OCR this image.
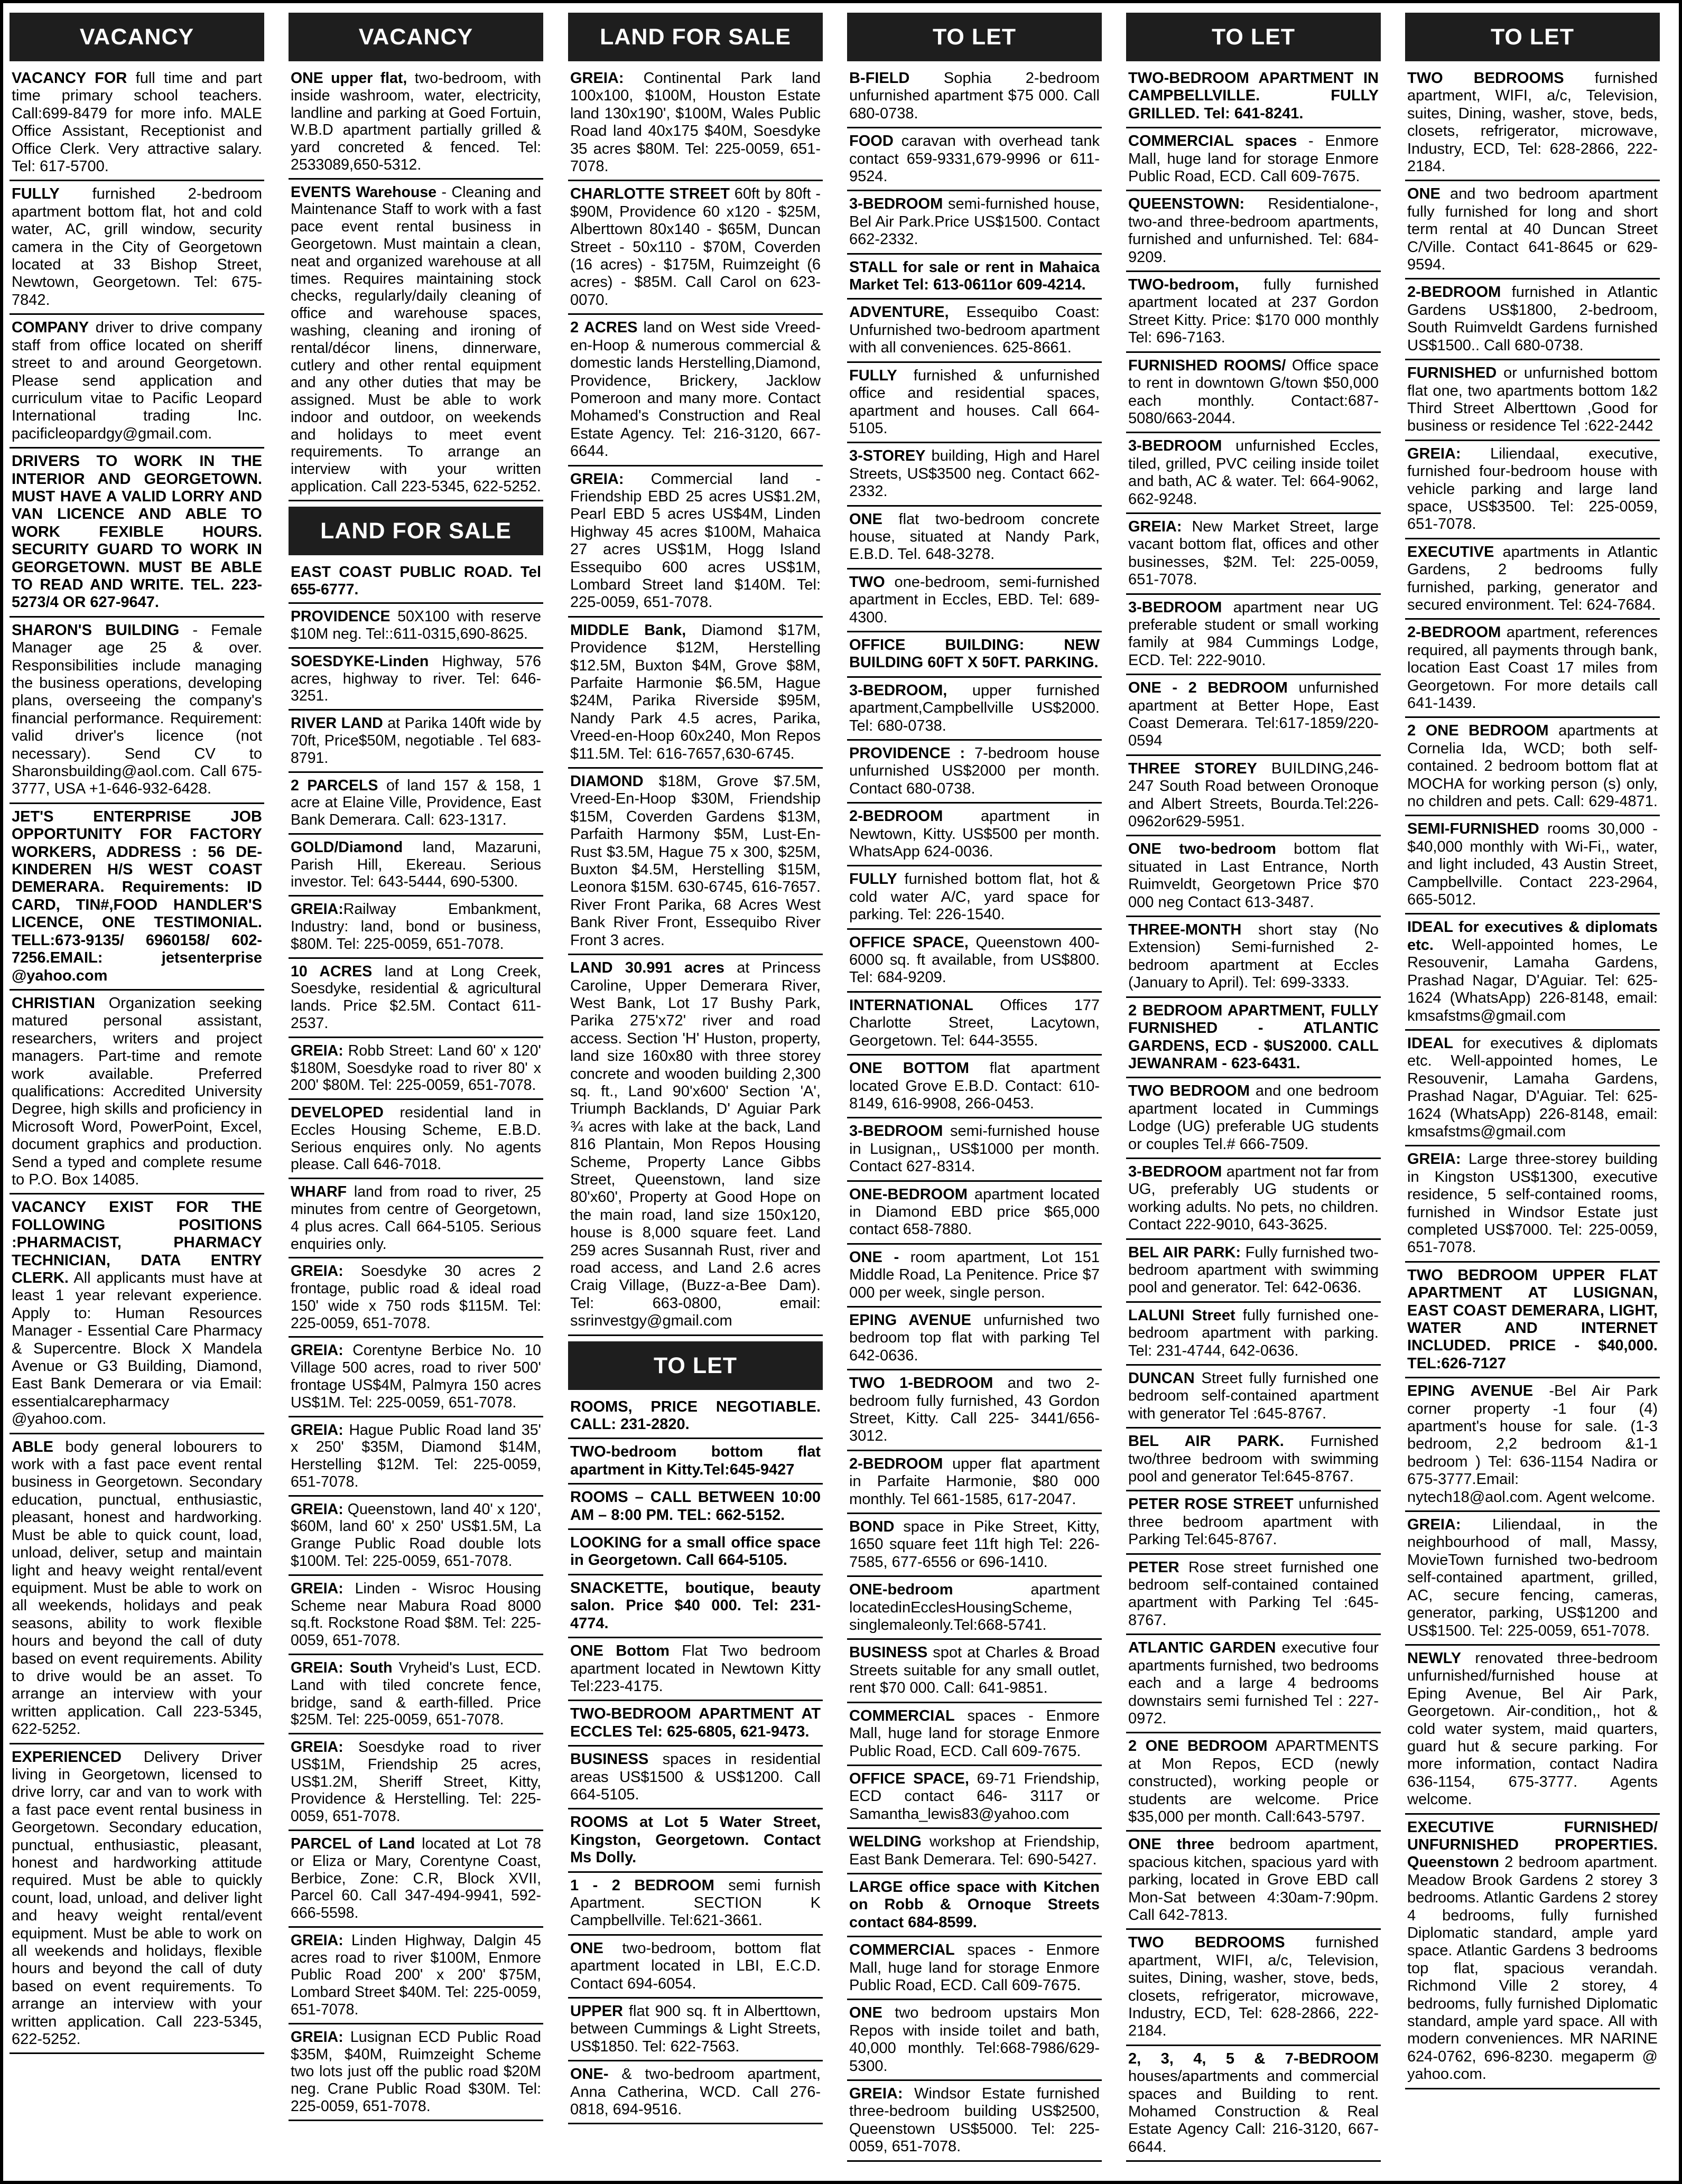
VACANCY
VACANCY FOR full time and part time primary school teachers. Call:699-8479 for more info. MALE Office Assistant, Receptionist and Office Clerk. Very attractive salary. Tel: 617-5700.
FULLY furnished 2-bedroom apartment bottom flat, hot and cold water, AC, grill window, security camera in the City of Georgetown located at 33 Bishop Street, Newtown, Georgetown. Tel: 675-7842.
COMPANY driver to drive company staff from office located on sheriff street to and around Georgetown. Please send application and curriculum vitae to Pacific Leopard International trading Inc. pacificleopardgy@gmail.com.
DRIVERS TO WORK IN THE INTERIOR AND GEORGETOWN. MUST HAVE A VALID LORRY AND VAN LICENCE AND ABLE TO WORK FEXIBLE HOURS. SECURITY GUARD TO WORK IN GEORGETOWN. MUST BE ABLE TO READ AND WRITE. TEL. 223-5273/4 OR 627-9647.
SHARON'S BUILDING - Female Manager age 25 & over. Responsibilities include managing the business operations, developing plans, overseeing the company's financial performance. Requirement: valid driver's licence (not necessary). Send CV to Sharonsbuilding@aol.com. Call 675-3777, USA +1-646-932-6428.
JET'S ENTERPRISE JOB OPPORTUNITY FOR FACTORY WORKERS, ADDRESS : 56 DE-KINDEREN H/S WEST COAST DEMERARA. Requirements: ID CARD, TIN#,FOOD HANDLER'S LICENCE, ONE TESTIMONIAL. TELL:673-9135/ 6960158/ 602-7256.EMAIL: jetsenterprise @yahoo.com
CHRISTIAN Organization seeking matured personal assistant, researchers, writers and project managers. Part-time and remote work available. Preferred qualifications: Accredited University Degree, high skills and proficiency in Microsoft Word, PowerPoint, Excel, document graphics and production. Send a typed and complete resume to P.O. Box 14085.
VACANCY EXIST FOR THE FOLLOWING POSITIONS :PHARMACIST, PHARMACY TECHNICIAN, DATA ENTRY CLERK. All applicants must have at least 1 year relevant experience. Apply to: Human Resources Manager - Essential Care Pharmacy & Supercentre. Block X Mandela Avenue or G3 Building, Diamond, East Bank Demerara or via Email: essentialcarepharmacy @yahoo.com.
ABLE body general lobourers to work with a fast pace event rental business in Georgetown. Secondary education, punctual, enthusiastic, pleasant, honest and hardworking. Must be able to quick count, load, unload, deliver, setup and maintain light and heavy weight rental/event equipment. Must be able to work on all weekends, holidays and peak seasons, ability to work flexible hours and beyond the call of duty based on event requirements. Ability to drive would be an asset. To arrange an interview with your written application. Call 223-5345, 622-5252.
EXPERIENCED Delivery Driver living in Georgetown, licensed to drive lorry, car and van to work with a fast pace event rental business in Georgetown. Secondary education, punctual, enthusiastic, pleasant, honest and hardworking attitude required. Must be able to quickly count, load, unload, and deliver light and heavy weight rental/event equipment. Must be able to work on all weekends and holidays, flexible hours and beyond the call of duty based on event requirements. To arrange an interview with your written application. Call 223-5345, 622-5252.
VACANCY
ONE upper flat, two-bedroom, with inside washroom, water, electricity, landline and parking at Goed Fortuin, W.B.D apartment partially grilled & yard concreted & fenced. Tel: 2533089,650-5312.
EVENTS Warehouse - Cleaning and Maintenance Staff to work with a fast pace event rental business in Georgetown. Must maintain a clean, neat and organized warehouse at all times. Requires maintaining stock checks, regularly/daily cleaning of office and warehouse spaces, washing, cleaning and ironing of rental/décor linens, dinnerware, cutlery and other rental equipment and any other duties that may be assigned. Must be able to work indoor and outdoor, on weekends and holidays to meet event requirements. To arrange an interview with your written application. Call 223-5345, 622-5252.
LAND FOR SALE
EAST COAST PUBLIC ROAD. Tel 655-6777.
PROVIDENCE 50X100 with reserve $10M neg. Tel::611-0315,690-8625.
SOESDYKE-Linden Highway, 576 acres, highway to river. Tel: 646-3251.
RIVER LAND at Parika 140ft wide by 70ft, Price$50M, negotiable . Tel 683-8791.
2 PARCELS of land 157 & 158, 1 acre at Elaine Ville, Providence, East Bank Demerara. Call: 623-1317.
GOLD/Diamond land, Mazaruni, Parish Hill, Ekereau. Serious investor. Tel: 643-5444, 690-5300.
GREIA:Railway Embankment, Industry: land, bond or business, $80M. Tel: 225-0059, 651-7078.
10 ACRES land at Long Creek, Soesdyke, residential & agricultural lands. Price $2.5M. Contact 611-2537.
GREIA: Robb Street: Land 60' x 120' $180M, Soesdyke road to river 80' x 200' $80M. Tel: 225-0059, 651-7078.
DEVELOPED residential land in Eccles Housing Scheme, E.B.D. Serious enquires only. No agents please. Call 646-7018.
WHARF land from road to river, 25 minutes from centre of Georgetown, 4 plus acres. Call 664-5105. Serious enquiries only.
GREIA: Soesdyke 30 acres 2 frontage, public road & ideal road 150' wide x 750 rods $115M. Tel: 225-0059, 651-7078.
GREIA: Corentyne Berbice No. 10 Village 500 acres, road to river 500' frontage US$4M, Palmyra 150 acres US$1M. Tel: 225-0059, 651-7078.
GREIA: Hague Public Road land 35' x 250' $35M, Diamond $14M, Herstelling $12M. Tel: 225-0059, 651-7078.
GREIA: Queenstown, land 40' x 120', $60M, land 60' x 250' US$1.5M, La Grange Public Road double lots $100M. Tel: 225-0059, 651-7078.
GREIA: Linden - Wisroc Housing Scheme near Mabura Road 8000 sq.ft. Rockstone Road $8M. Tel: 225-0059, 651-7078.
GREIA: South Vryheid's Lust, ECD. Land with tiled concrete fence, bridge, sand & earth-filled. Price $25M. Tel: 225-0059, 651-7078.
GREIA: Soesdyke road to river US$1M, Friendship 25 acres, US$1.2M, Sheriff Street, Kitty, Providence & Herstelling. Tel: 225-0059, 651-7078.
PARCEL of Land located at Lot 78 or Eliza or Mary, Corentyne Coast, Berbice, Zone: C.R, Block XVII, Parcel 60. Call 347-494-9941, 592-666-5598.
GREIA: Linden Highway, Dalgin 45 acres road to river $100M, Enmore Public Road 200' x 200' $75M, Lombard Street $40M. Tel: 225-0059, 651-7078.
GREIA: Lusignan ECD Public Road $35M, $40M, Ruimzeight Scheme two lots just off the public road $20M neg. Crane Public Road $30M. Tel: 225-0059, 651-7078.
LAND FOR SALE
GREIA: Continental Park land 100x100, $100M, Houston Estate land 130x190', $100M, Wales Public Road land 40x175 $40M, Soesdyke 35 acres $80M. Tel: 225-0059, 651-7078.
CHARLOTTE STREET 60ft by 80ft - $90M, Providence 60 x120 - $25M, Alberttown 80x140 - $65M, Duncan Street - 50x110 - $70M, Coverden (16 acres) - $175M, Ruimzeight (6 acres) - $85M. Call Carol on 623-0070.
2 ACRES land on West side Vreed-en-Hoop & numerous commercial & domestic lands Herstelling,Diamond, Providence, Brickery, Jacklow Pomeroon and many more. Contact Mohamed's Construction and Real Estate Agency. Tel: 216-3120, 667-6644.
GREIA: Commercial land - Friendship EBD 25 acres US$1.2M, Pearl EBD 5 acres US$4M, Linden Highway 45 acres $100M, Mahaica 27 acres US$1M, Hogg Island Essequibo 600 acres US$1M, Lombard Street land $140M. Tel: 225-0059, 651-7078.
MIDDLE Bank, Diamond $17M, Providence $12M, Herstelling $12.5M, Buxton $4M, Grove $8M, Parfaite Harmonie $6.5M, Hague $24M, Parika Riverside $95M, Nandy Park 4.5 acres, Parika, Vreed-en-Hoop 60x240, Mon Repos $11.5M. Tel: 616-7657,630-6745.
DIAMOND $18M, Grove $7.5M, Vreed-En-Hoop $30M, Friendship $15M, Coverden Gardens $13M, Parfaith Harmony $5M, Lust-En-Rust $3.5M, Hague 75 x 300, $25M, Buxton $4.5M, Herstelling $15M, Leonora $15M. 630-6745, 616-7657. River Front Parika, 68 Acres West Bank River Front, Essequibo River Front 3 acres.
LAND 30.991 acres at Princess Caroline, Upper Demerara River, West Bank, Lot 17 Bushy Park, Parika 275'x72' river and road access. Section 'H' Huston, property, land size 160x80 with three storey concrete and wooden building 2,300 sq. ft., Land 90'x600' Section 'A', Triumph Backlands, D' Aguiar Park ¾ acres with lake at the back, Land 816 Plantain, Mon Repos Housing Scheme, Property Lance Gibbs Street, Queenstown, land size 80'x60', Property at Good Hope on the main road, land size 150x120, house is 8,000 square feet. Land 259 acres Susannah Rust, river and road access, and Land 2.6 acres Craig Village, (Buzz-a-Bee Dam). Tel: 663-0800, email: ssrinvestgy@gmail.com
TO LET
ROOMS, PRICE NEGOTIABLE. CALL: 231-2820.
TWO-bedroom bottom flat apartment in Kitty.Tel:645-9427
ROOMS – CALL BETWEEN 10:00 AM – 8:00 PM. TEL: 662-5152.
LOOKING for a small office space in Georgetown. Call 664-5105.
SNACKETTE, boutique, beauty salon. Price $40 000. Tel: 231-4774.
ONE Bottom Flat Two bedroom apartment located in Newtown Kitty Tel:223-4175.
TWO-BEDROOM APARTMENT AT ECCLES Tel: 625-6805, 621-9473.
BUSINESS spaces in residential areas US$1500 & US$1200. Call 664-5105.
ROOMS at Lot 5 Water Street, Kingston, Georgetown. Contact Ms Dolly.
1 - 2 BEDROOM semi furnish Apartment. SECTION K Campbellville. Tel:621-3661.
ONE two-bedroom, bottom flat apartment located in LBI, E.C.D. Contact 694-6054.
UPPER flat 900 sq. ft in Alberttown, between Cummings & Light Streets, US$1850. Tel: 622-7563.
ONE- & two-bedroom apartment, Anna Catherina, WCD. Call 276-0818, 694-9516.
TO LET
B-FIELD Sophia 2-bedroom unfurnished apartment $75 000. Call 680-0738.
FOOD caravan with overhead tank contact 659-9331,679-9996 or 611-9524.
3-BEDROOM semi-furnished house, Bel Air Park.Price US$1500. Contact 662-2332.
STALL for sale or rent in Mahaica Market Tel: 613-0611or 609-4214.
ADVENTURE, Essequibo Coast: Unfurnished two-bedroom apartment with all conveniences. 625-8661.
FULLY furnished & unfurnished office and residential spaces, apartment and houses. Call 664-5105.
3-STOREY building, High and Harel Streets, US$3500 neg. Contact 662-2332.
ONE flat two-bedroom concrete house, situated at Nandy Park, E.B.D. Tel. 648-3278.
TWO one-bedroom, semi-furnished apartment in Eccles, EBD. Tel: 689-4300.
OFFICE BUILDING: NEW BUILDING 60FT X 50FT. PARKING.
3-BEDROOM, upper furnished apartment,Campbellville US$2000. Tel: 680-0738.
PROVIDENCE : 7-bedroom house unfurnished US$2000 per month. Contact 680-0738.
2-BEDROOM apartment in Newtown, Kitty. US$500 per month. WhatsApp 624-0036.
FULLY furnished bottom flat, hot & cold water A/C, yard space for parking. Tel: 226-1540.
OFFICE SPACE, Queenstown 400-6000 sq. ft available, from US$800. Tel: 684-9209.
INTERNATIONAL Offices 177 Charlotte Street, Lacytown, Georgetown. Tel: 644-3555.
ONE BOTTOM flat apartment located Grove E.B.D. Contact: 610-8149, 616-9908, 266-0453.
3-BEDROOM semi-furnished house in Lusignan,, US$1000 per month. Contact 627-8314.
ONE-BEDROOM apartment located in Diamond EBD price $65,000 contact 658-7880.
ONE - room apartment, Lot 151 Middle Road, La Penitence. Price $7 000 per week, single person.
EPING AVENUE unfurnished two bedroom top flat with parking Tel 642-0636.
TWO 1-BEDROOM and two 2-bedroom fully furnished, 43 Gordon Street, Kitty. Call 225- 3441/656-3012.
2-BEDROOM upper flat apartment in Parfaite Harmonie, $80 000 monthly. Tel 661-1585, 617-2047.
BOND space in Pike Street, Kitty, 1650 square feet 11ft high Tel: 226-7585, 677-6556 or 696-1410.
ONE-bedroom apartment locatedinEcclesHousingScheme, singlemaleonly.Tel:668-5741.
BUSINESS spot at Charles & Broad Streets suitable for any small outlet, rent $70 000. Call: 641-9851.
COMMERCIAL spaces - Enmore Mall, huge land for storage Enmore Public Road, ECD. Call 609-7675.
OFFICE SPACE, 69-71 Friendship, ECD contact 646- 3117 or Samantha_lewis83@yahoo.com
WELDING workshop at Friendship, East Bank Demerara. Tel: 690-5427.
LARGE office space with Kitchen on Robb & Ornoque Streets contact 684-8599.
COMMERCIAL spaces - Enmore Mall, huge land for storage Enmore Public Road, ECD. Call 609-7675.
ONE two bedroom upstairs Mon Repos with inside toilet and bath, 40,000 monthly. Tel:668-7986/629-5300.
GREIA: Windsor Estate furnished three-bedroom building US$2500, Queenstown US$5000. Tel: 225-0059, 651-7078.
TO LET
TWO-BEDROOM APARTMENT IN CAMPBELLVILLE. FULLY GRILLED. Tel: 641-8241.
COMMERCIAL spaces - Enmore Mall, huge land for storage Enmore Public Road, ECD. Call 609-7675.
QUEENSTOWN: Residentialone-, two-and three-bedroom apartments, furnished and unfurnished. Tel: 684-9209.
TWO-bedroom, fully furnished apartment located at 237 Gordon Street Kitty. Price: $170 000 monthly Tel: 696-7163.
FURNISHED ROOMS/ Office space to rent in downtown G/town $50,000 each monthly. Contact:687-5080/663-2044.
3-BEDROOM unfurnished Eccles, tiled, grilled, PVC ceiling inside toilet and bath, AC & water. Tel: 664-9062, 662-9248.
GREIA: New Market Street, large vacant bottom flat, offices and other businesses, $2M. Tel: 225-0059, 651-7078.
3-BEDROOM apartment near UG preferable student or small working family at 984 Cummings Lodge, ECD. Tel: 222-9010.
ONE - 2 BEDROOM unfurnished apartment at Better Hope, East Coast Demerara. Tel:617-1859/220-0594
THREE STOREY BUILDING,246-247 South Road between Oronoque and Albert Streets, Bourda.Tel:226-0962or629-5951.
ONE two-bedroom bottom flat situated in Last Entrance, North Ruimveldt, Georgetown Price $70 000 neg Contact 613-3487.
THREE-MONTH short stay (No Extension) Semi-furnished 2-bedroom apartment at Eccles (January to April). Tel: 699-3333.
2 BEDROOM APARTMENT, FULLY FURNISHED - ATLANTIC GARDENS, ECD - $US2000. CALL JEWANRAM - 623-6431.
TWO BEDROOM and one bedroom apartment located in Cummings Lodge (UG) preferable UG students or couples Tel.# 666-7509.
3-BEDROOM apartment not far from UG, preferably UG students or working adults. No pets, no children. Contact 222-9010, 643-3625.
BEL AIR PARK: Fully furnished two-bedroom apartment with swimming pool and generator. Tel: 642-0636.
LALUNI Street fully furnished one-bedroom apartment with parking. Tel: 231-4744, 642-0636.
DUNCAN Street fully furnished one bedroom self-contained apartment with generator Tel :645-8767.
BEL AIR PARK. Furnished two/three bedroom with swimming pool and generator Tel:645-8767.
PETER ROSE STREET unfurnished three bedroom apartment with Parking Tel:645-8767.
PETER Rose street furnished one bedroom self-contained contained apartment with Parking Tel :645-8767.
ATLANTIC GARDEN executive four apartments furnished, two bedrooms each and a large 4 bedrooms downstairs semi furnished Tel : 227-0972.
2 ONE BEDROOM APARTMENTS at Mon Repos, ECD (newly constructed), working people or students are welcome. Price $35,000 per month. Call:643-5797.
ONE three bedroom apartment, spacious kitchen, spacious yard with parking, located in Grove EBD call Mon-Sat between 4:30am-7:90pm. Call 642-7813.
TWO BEDROOMS furnished apartment, WIFI, a/c, Television, suites, Dining, washer, stove, beds, closets, refrigerator, microwave, Industry, ECD, Tel: 628-2866, 222-2184.
2, 3, 4, 5 & 7-BEDROOM houses/apartments and commercial spaces and Building to rent. Mohamed Construction & Real Estate Agency Call: 216-3120, 667-6644.
TO LET
TWO BEDROOMS furnished apartment, WIFI, a/c, Television, suites, Dining, washer, stove, beds, closets, refrigerator, microwave, Industry, ECD, Tel: 628-2866, 222-2184.
ONE and two bedroom apartment fully furnished for long and short term rental at 40 Duncan Street C/Ville. Contact 641-8645 or 629-9594.
2-BEDROOM furnished in Atlantic Gardens US$1800, 2-bedroom, South Ruimveldt Gardens furnished US$1500.. Call 680-0738.
FURNISHED or unfurnished bottom flat one, two apartments bottom 1&2 Third Street Alberttown ,Good for business or residence Tel :622-2442
GREIA: Liliendaal, executive, furnished four-bedroom house with vehicle parking and large land space, US$3500. Tel: 225-0059, 651-7078.
EXECUTIVE apartments in Atlantic Gardens, 2 bedrooms fully furnished, parking, generator and secured environment. Tel: 624-7684.
2-BEDROOM apartment, references required, all payments through bank, location East Coast 17 miles from Georgetown. For more details call 641-1439.
2 ONE BEDROOM apartments at Cornelia Ida, WCD; both self-contained. 2 bedroom bottom flat at MOCHA for working person (s) only, no children and pets. Call: 629-4871.
SEMI-FURNISHED rooms 30,000 - $40,000 monthly with Wi-Fi,, water, and light included, 43 Austin Street, Campbellville. Contact 223-2964, 665-5012.
IDEAL for executives & diplomats etc. Well-appointed homes, Le Resouvenir, Lamaha Gardens, Prashad Nagar, D'Aguiar. Tel: 625-1624 (WhatsApp) 226-8148, email: kmsafstms@gmail.com
IDEAL for executives & diplomats etc. Well-appointed homes, Le Resouvenir, Lamaha Gardens, Prashad Nagar, D'Aguiar. Tel: 625-1624 (WhatsApp) 226-8148, email: kmsafstms@gmail.com
GREIA: Large three-storey building in Kingston US$1300, executive residence, 5 self-contained rooms, furnished in Windsor Estate just completed US$7000. Tel: 225-0059, 651-7078.
TWO BEDROOM UPPER FLAT APARTMENT AT LUSIGNAN, EAST COAST DEMERARA, LIGHT, WATER AND INTERNET INCLUDED. PRICE - $40,000. TEL:626-7127
EPING AVENUE -Bel Air Park corner property -1 four (4) apartment's house for sale. (1-3 bedroom, 2,2 bedroom &1-1 bedroom ) Tel: 636-1154 Nadira or 675-3777.Email: nytech18@aol.com. Agent welcome.
GREIA: Liliendaal, in the neighbourhood of mall, Massy, MovieTown furnished two-bedroom self-contained apartment, grilled, AC, secure fencing, cameras, generator, parking, US$1200 and US$1500. Tel: 225-0059, 651-7078.
NEWLY renovated three-bedroom unfurnished/furnished house at Eping Avenue, Bel Air Park, Georgetown. Air-condition,, hot & cold water system, maid quarters, guard hut & secure parking. For more information, contact Nadira 636-1154, 675-3777. Agents welcome.
EXECUTIVE FURNISHED/ UNFURNISHED PROPERTIES. Queenstown 2 bedroom apartment. Meadow Brook Gardens 2 storey 3 bedrooms. Atlantic Gardens 2 storey 4 bedrooms, fully furnished Diplomatic standard, ample yard space. Atlantic Gardens 3 bedrooms top flat, spacious verandah. Richmond Ville 2 storey, 4 bedrooms, fully furnished Diplomatic standard, ample yard space. All with modern conveniences. MR NARINE 624-0762, 696-8230. megaperm @ yahoo.com.
